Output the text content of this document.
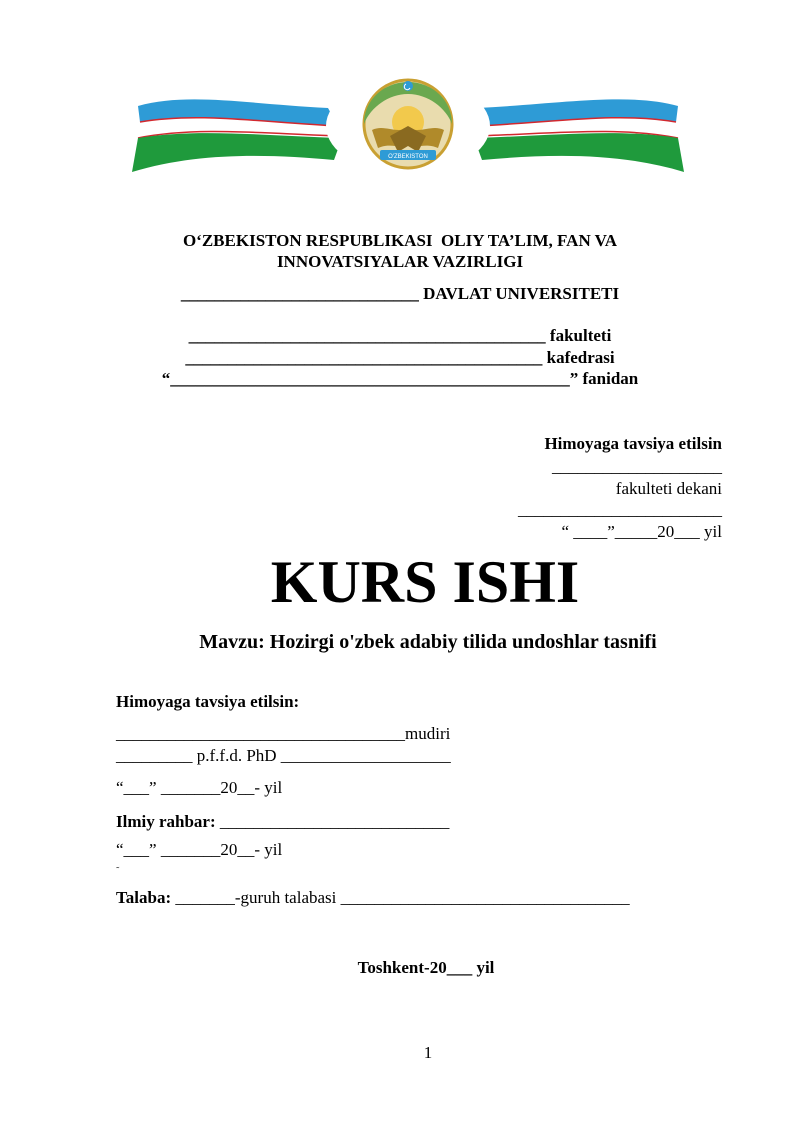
O'ZBEKISTON
O‘ZBEKISTON RESPUBLIKASI  OLIY TA’LIM, FAN VA
INNOVATSIYALAR VAZIRLIGI
____________________________ DAVLAT UNIVERSITETI
__________________________________________ fakulteti
__________________________________________ kafedrasi
“_______________________________________________” fanidan
Himoyaga tavsiya etilsin
____________________
fakulteti dekani
________________________
“ ____”_____20___ yil
KURS ISHI
Mavzu: Hozirgi o'zbek adabiy tilida undoshlar tasnifi
Himoyaga tavsiya etilsin:
__________________________________mudiri
_________ p.f.f.d. PhD ____________________
“___” _______20__- yil
Ilmiy rahbar: ___________________________
“___” _______20__- yil
˜
Talaba: _______-guruh talabasi __________________________________
Toshkent-20___ yil
1
